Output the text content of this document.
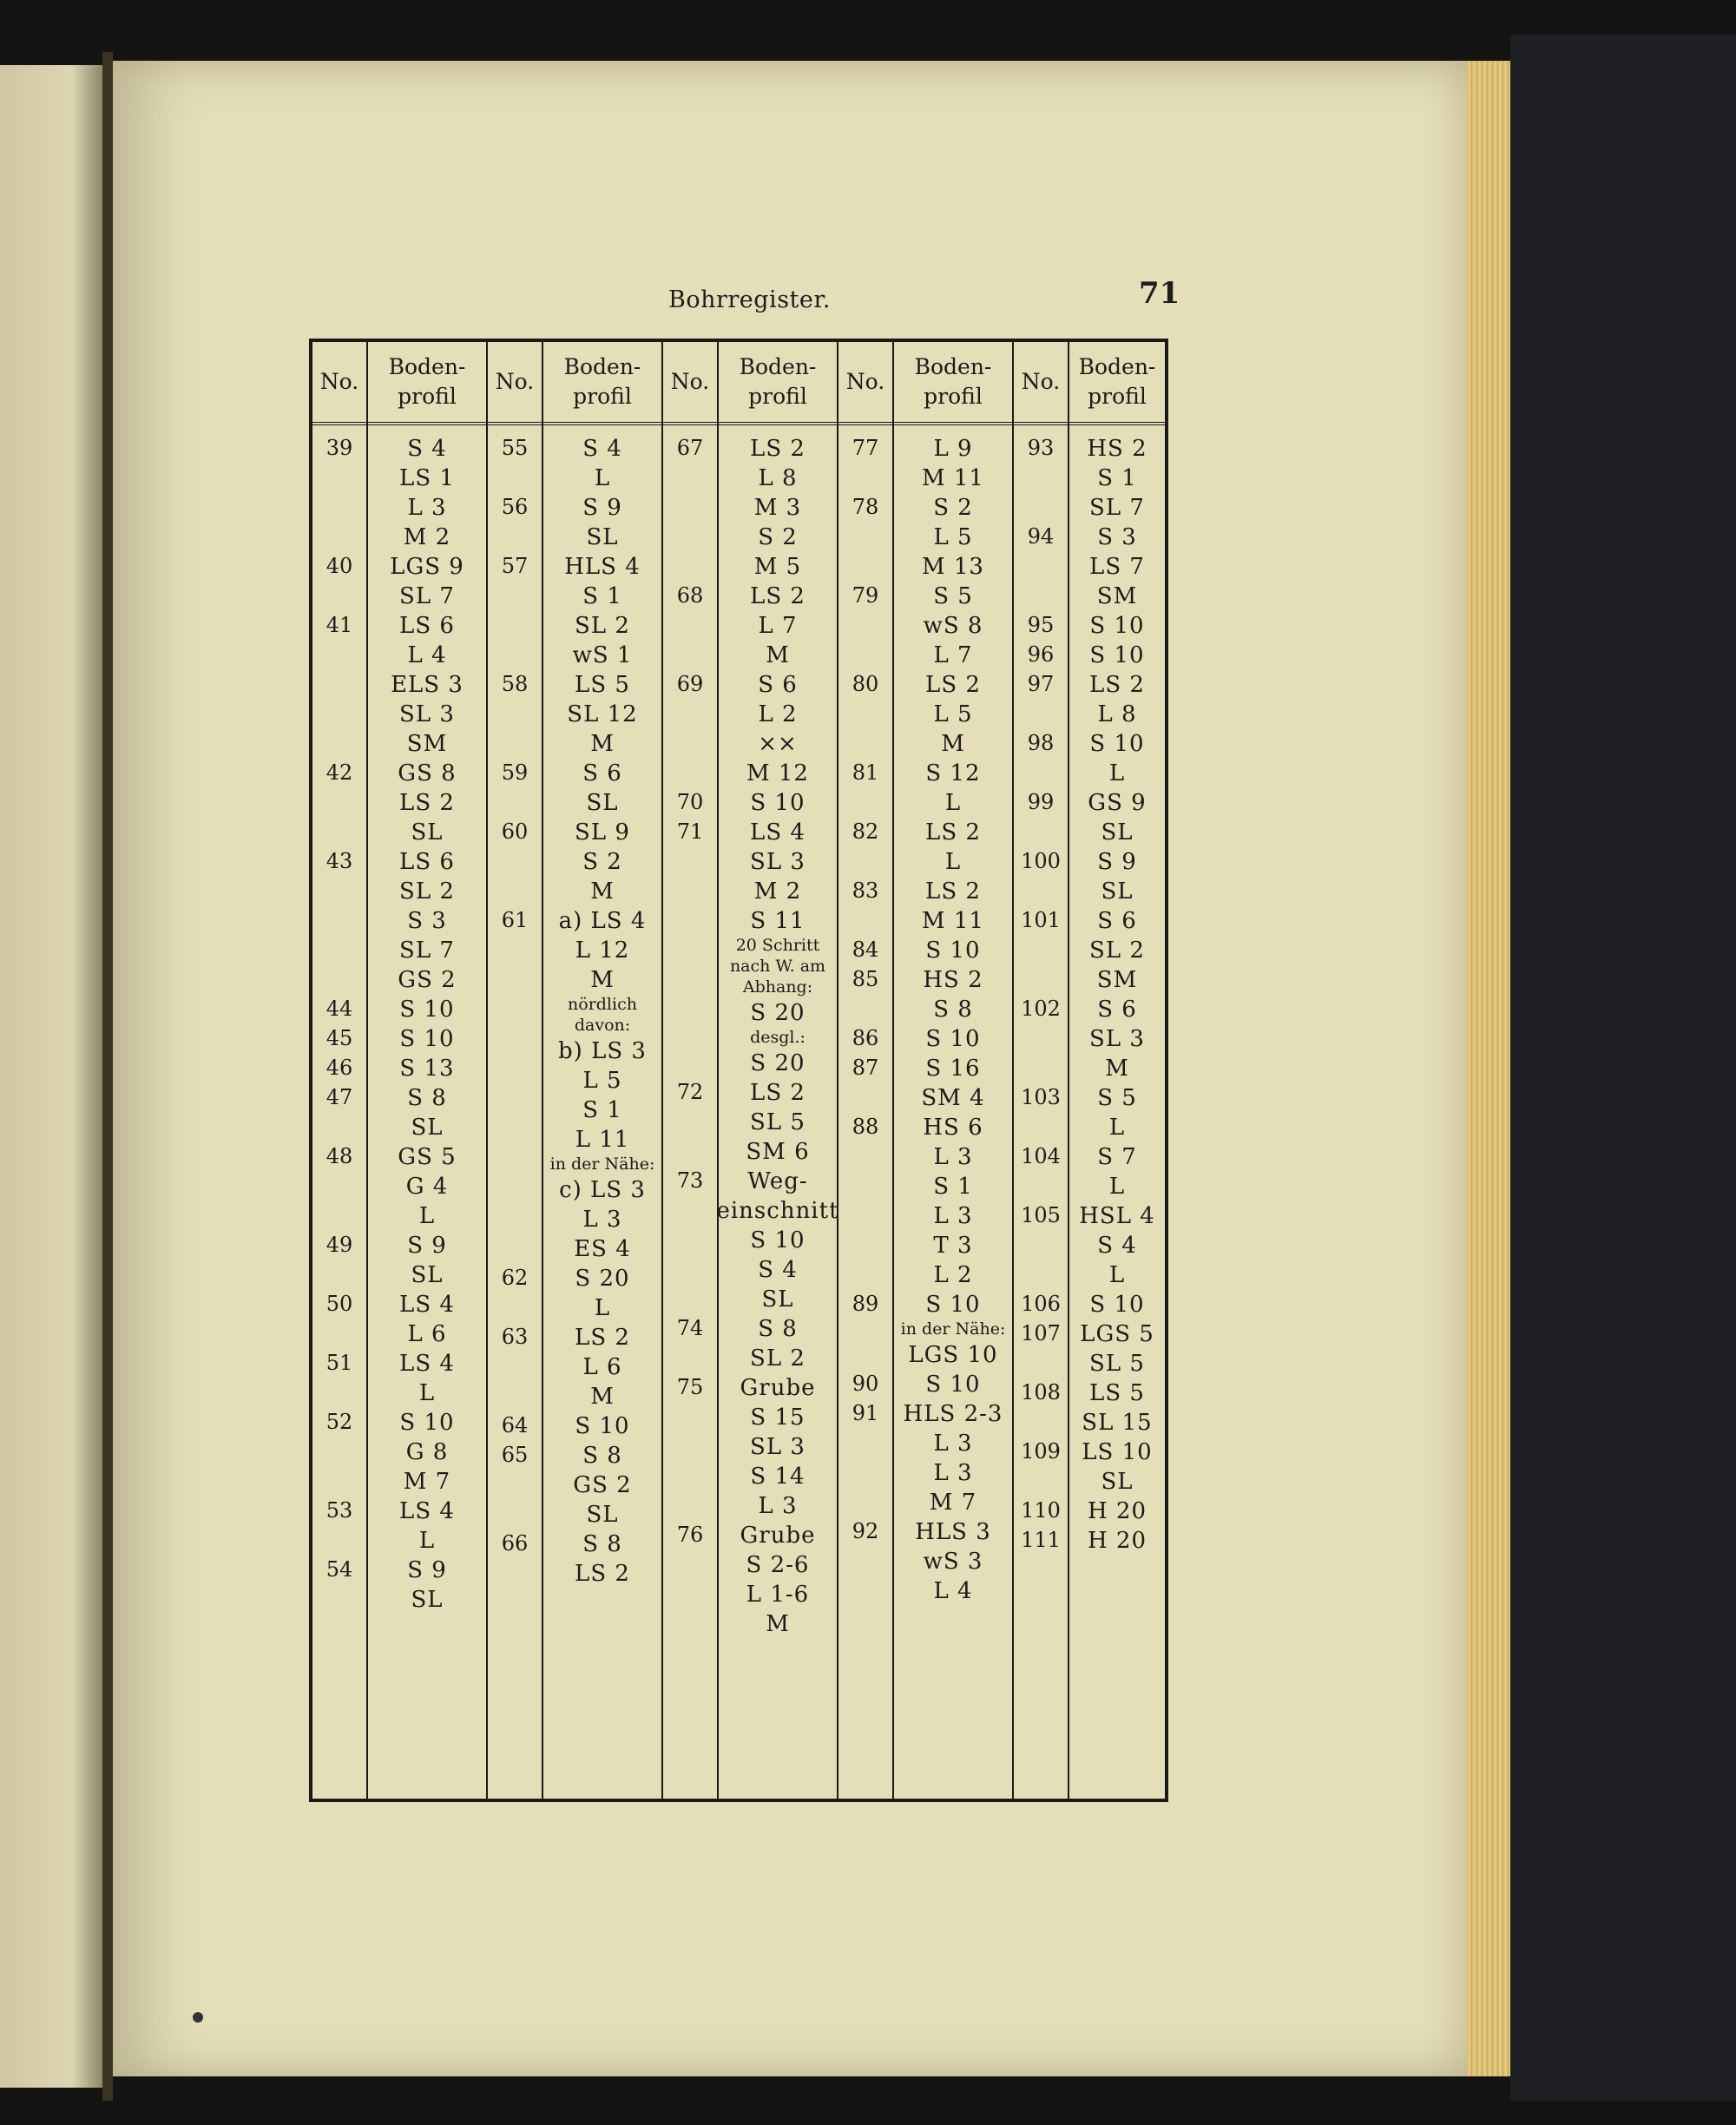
Bohrregister.	71
No.
39
40
41
42
43
44
45
46
47
48
49
50
51
52
53
54
Boden-
profil
S 4
LS 1
L 3
M 2
LGS 9
SL 7
LS 6
L 4
ELS 3
SL 3
SM
GS 8
LS 2
SL
LS 6
SL 2
S 3
SL 7
GS 2
S 10
S 10
S 13
S 8
SL
GS 5
G 4
L
S 9
SL
LS 4
L 6
LS 4
L
S 10
G 8
M 7
LS 4
L
S 9
SL
No.
55
56
57
58
59
60
61
62
63
64
65
66
Boden-
profil
S 4
L
S 9
SL
HLS 4
S 1
SL 2
wS 1
LS 5
SL 12
M
S 6
SL
SL 9
S 2
M
a) LS 4
L 12
M
nördlich
davon:
b) LS 3
L 5
S 1
L 11
in der Nähe:
c) LS 3
L 3
ES 4
S 20
L
LS 2
L 6
M
S 10
S 8
GS 2
SL
S 8
LS 2
No.
67
68
69
70
71
72
73
74
75
76
Boden-
profil
LS 2
L 8
M 3
S 2
M 5
LS 2
L 7
M
S 6
L 2
××
M 12
S 10
LS 4
SL 3
M 2
S 11
20 Schritt
nach W. am
Abhang:
S 20
desgl.:
S 20
LS 2
SL 5
SM 6
Weg-
einschnitt
S 10
S 4
SL
S 8
SL 2
Grube
S 15
SL 3
S 14
L 3
Grube
S 2-6
L 1-6
M
No.
77
78
79
80
81
82
83
84
85
86
87
88
89
90
91
92
Boden-
profil
L 9
M 11
S 2
L 5
M 13
S 5
wS 8
L 7
LS 2
L 5
M
S 12
L
LS 2
L
LS 2
M 11
S 10
HS 2
S 8
S 10
S 16
SM 4
HS 6
L 3
S 1
L 3
T 3
L 2
S 10
in der Nähe:
LGS 10
S 10
HLS 2-3
L 3
L 3
M 7
HLS 3
wS 3
L 4
No.
93
94
95
96
97
98
99
100
101
102
103
104
105
106
107
108
109
110
111
Boden-
profil
HS 2
S 1
SL 7
S 3
LS 7
SM
S 10
S 10
LS 2
L 8
S 10
L
GS 9
SL
S 9
SL
S 6
SL 2
SM
S 6
SL 3
M
S 5
L
S 7
L
HSL 4
S 4
L
S 10
LGS 5
SL 5
LS 5
SL 15
LS 10
SL
H 20
H 20
